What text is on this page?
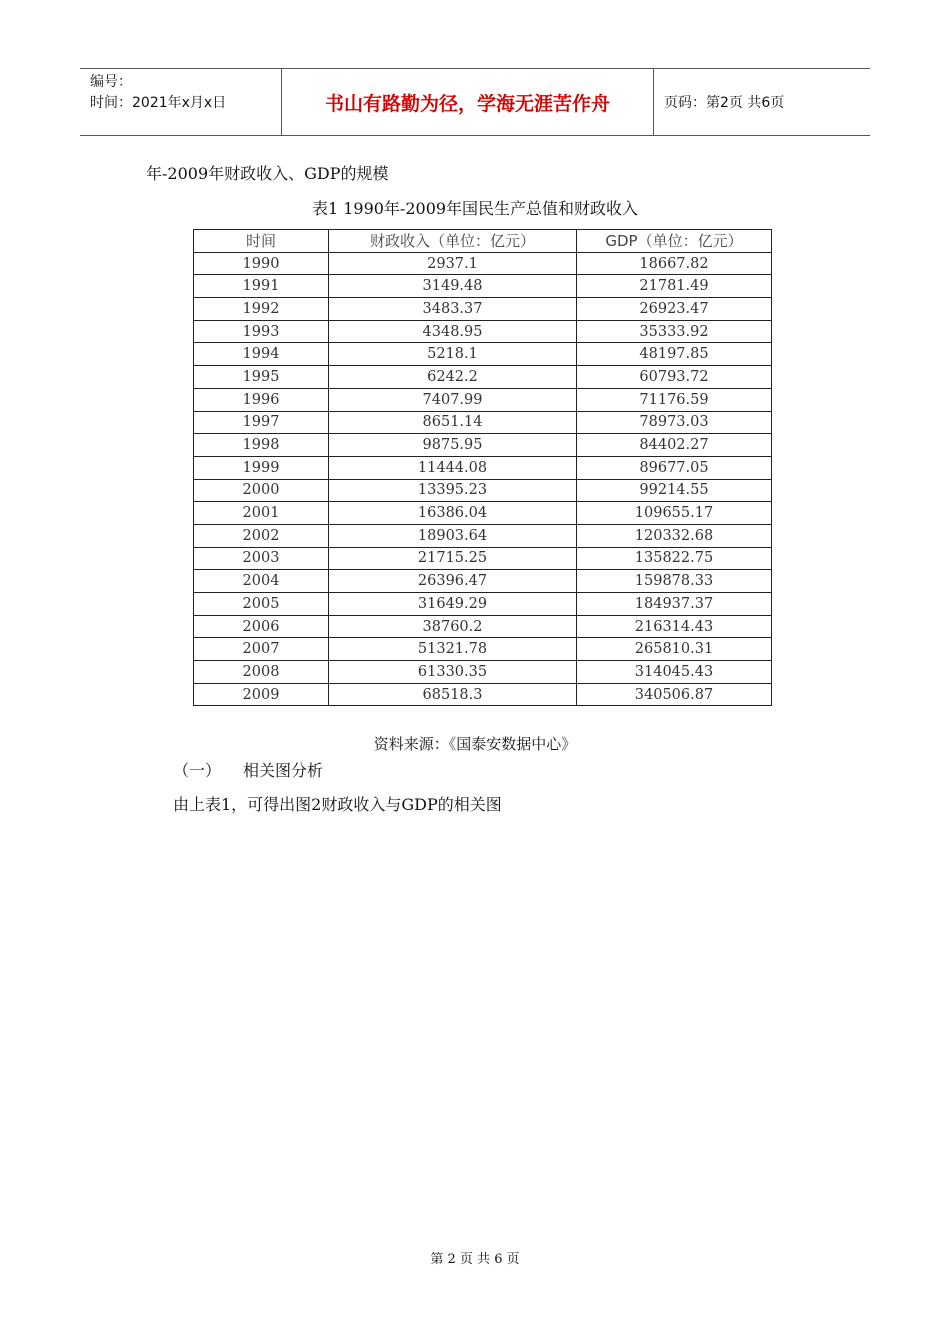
编号：
时间：2021年x月x日	书山有路勤为径，学海无涯苦作舟	页码：第2页 共6页
年-2009年财政收入、GDP的规模
表1 1990年-2009年国民生产总值和财政收入
时间	财政收入（单位：亿元）	GDP（单位：亿元）
1990	2937.1	18667.82
1991	3149.48	21781.49
1992	3483.37	26923.47
1993	4348.95	35333.92
1994	5218.1	48197.85
1995	6242.2	60793.72
1996	7407.99	71176.59
1997	8651.14	78973.03
1998	9875.95	84402.27
1999	11444.08	89677.05
2000	13395.23	99214.55
2001	16386.04	109655.17
2002	18903.64	120332.68
2003	21715.25	135822.75
2004	26396.47	159878.33
2005	31649.29	184937.37
2006	38760.2	216314.43
2007	51321.78	265810.31
2008	61330.35	314045.43
2009	68518.3	340506.87
资料来源：《国泰安数据中心》
（一） 相关图分析
由上表1，可得出图2财政收入与GDP的相关图
第 2 页 共 6 页
